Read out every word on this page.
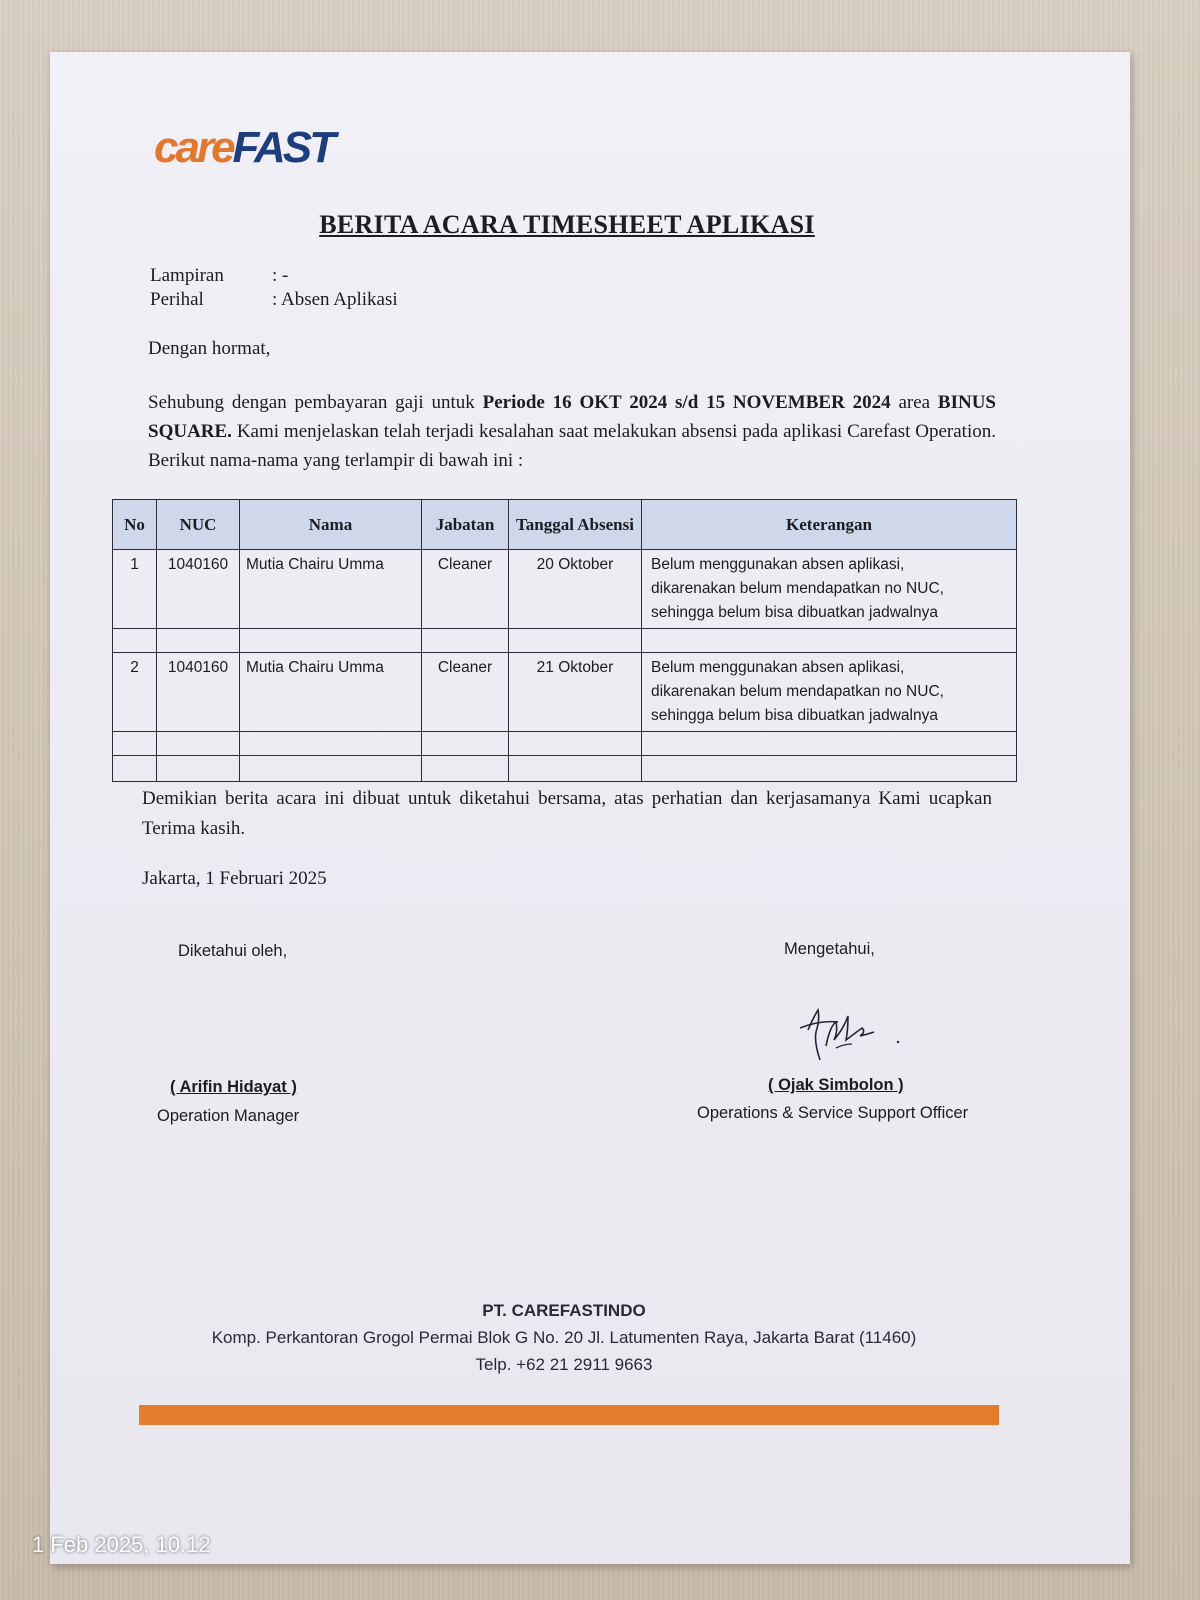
careFAST
BERITA ACARA TIMESHEET APLIKASI
Lampiran	: -
Perihal	: Absen Aplikasi
Dengan hormat,

Sehubung dengan pembayaran gaji untuk Periode 16 OKT 2024 s/d 15 NOVEMBER 2024 area BINUS SQUARE. Kami menjelaskan telah terjadi kesalahan saat melakukan absensi pada aplikasi Carefast Operation. Berikut nama-nama yang terlampir di bawah ini :

No	NUC	Nama	Jabatan	Tanggal Absensi	Keterangan
1	1040160	Mutia Chairu Umma	Cleaner	20 Oktober	Belum menggunakan absen aplikasi,
dikarenakan belum mendapatkan no NUC,
sehingga belum bisa dibuatkan jadwalnya

2	1040160	Mutia Chairu Umma	Cleaner	21 Oktober	Belum menggunakan absen aplikasi,
dikarenakan belum mendapatkan no NUC,
sehingga belum bisa dibuatkan jadwalnya

Demikian berita acara ini dibuat untuk diketahui bersama, atas perhatian dan kerjasamanya Kami ucapkan Terima kasih.

Jakarta, 1 Februari 2025
Diketahui oleh,	Mengetahui,
( Arifin Hidayat )
Operation Manager
( Ojak Simbolon )
Operations & Service Support Officer
PT. CAREFASTINDO
Komp. Perkantoran Grogol Permai Blok G No. 20 Jl. Latumenten Raya, Jakarta Barat (11460)
Telp. +62 21 2911 9663
1 Feb 2025, 10.12
